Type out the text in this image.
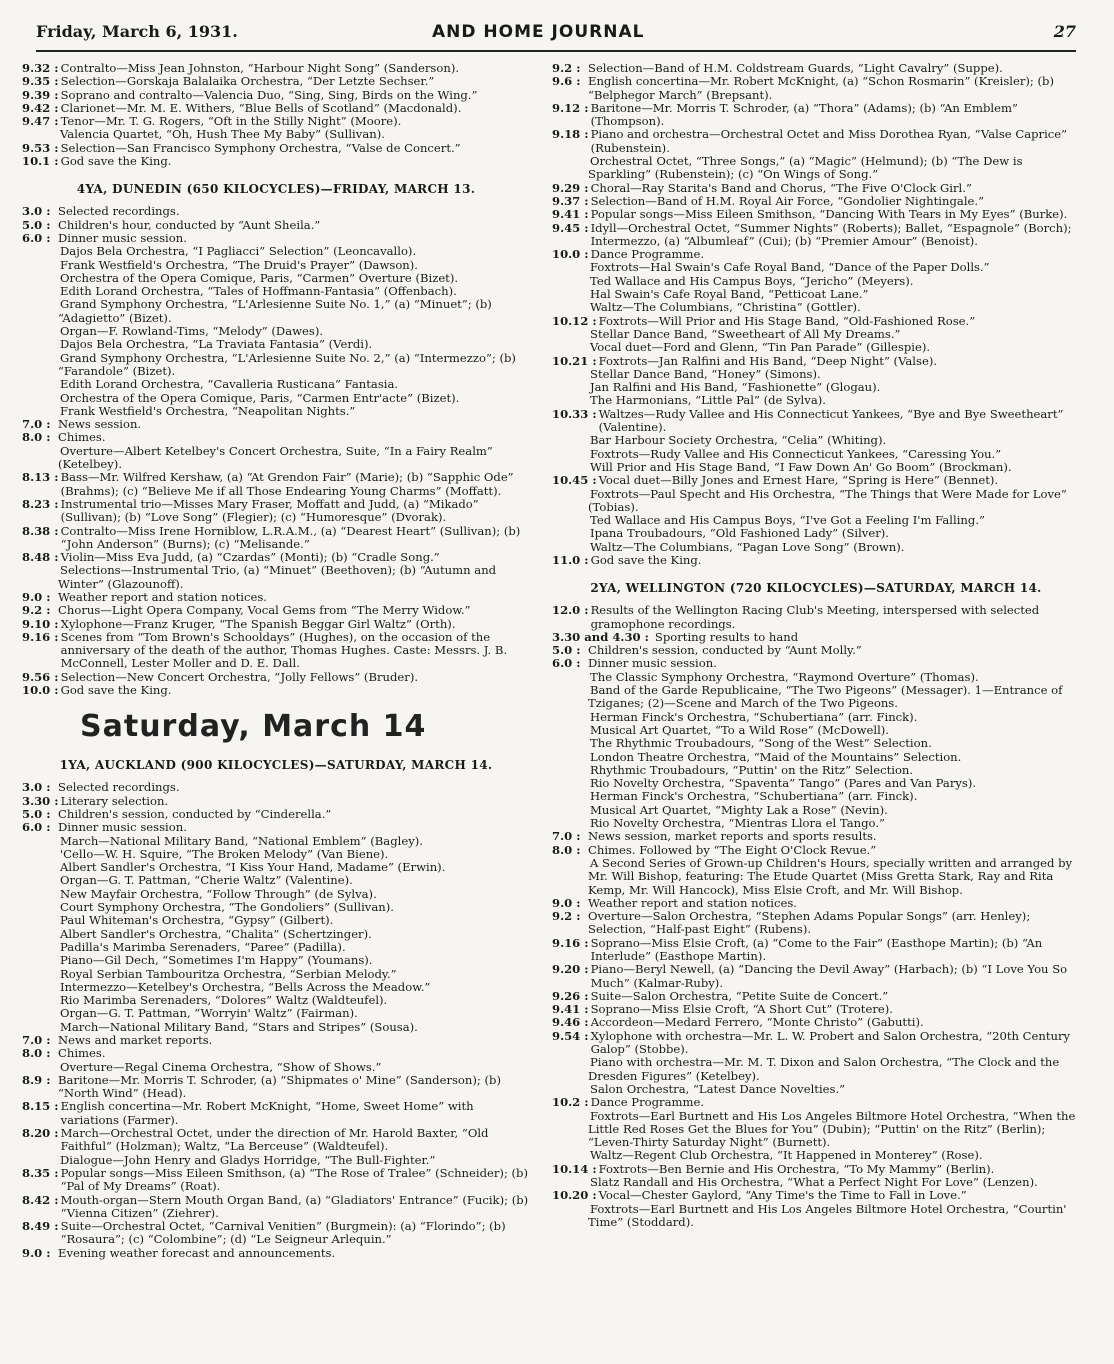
Friday, March 6, 1931.	AND HOME JOURNAL	27
9.32 : Contralto—Miss Jean Johnston, “Harbour Night Song” (Sanderson).
9.35 : Selection—Gorskaja Balalaika Orchestra, “Der Letzte Sechser.”
9.39 : Soprano and contralto—Valencia Duo, “Sing, Sing, Birds on the Wing.”
9.42 : Clarionet—Mr. M. E. Withers, “Blue Bells of Scotland” (Macdonald).
9.47 : Tenor—Mr. T. G. Rogers, “Oft in the Stilly Night” (Moore).
Valencia Quartet, “Oh, Hush Thee My Baby” (Sullivan).
9.53 : Selection—San Francisco Symphony Orchestra, “Valse de Concert.”
10.1 : God save the King.
4YA, DUNEDIN (650 KILOCYCLES)—FRIDAY, MARCH 13.
3.0 : Selected recordings.
5.0 : Children's hour, conducted by “Aunt Sheila.”
6.0 : Dinner music session.
Dajos Bela Orchestra, “I Pagliacci” Selection” (Leoncavallo).
Frank Westfield's Orchestra, “The Druid's Prayer” (Dawson).
Orchestra of the Opera Comique, Paris, “Carmen” Overture (Bizet).
Edith Lorand Orchestra, “Tales of Hoffmann-Fantasia” (Offenbach).
Grand Symphony Orchestra, “L'Arlesienne Suite No. 1,” (a) “Minuet”; (b) “Adagietto” (Bizet).
Organ—F. Rowland-Tims, “Melody” (Dawes).
Dajos Bela Orchestra, “La Traviata Fantasia” (Verdi).
Grand Symphony Orchestra, “L'Arlesienne Suite No. 2,” (a) “Intermezzo”; (b) “Farandole” (Bizet).
Edith Lorand Orchestra, “Cavalleria Rusticana” Fantasia.
Orchestra of the Opera Comique, Paris, “Carmen Entr'acte” (Bizet).
Frank Westfield's Orchestra, “Neapolitan Nights.”
7.0 : News session.
8.0 : Chimes.
Overture—Albert Ketelbey's Concert Orchestra, Suite, “In a Fairy Realm” (Ketelbey).
8.13 : Bass—Mr. Wilfred Kershaw, (a) “At Grendon Fair” (Marie); (b) “Sapphic Ode” (Brahms); (c) “Believe Me if all Those Endearing Young Charms” (Moffatt).
8.23 : Instrumental trio—Misses Mary Fraser, Moffatt and Judd, (a) “Mikado” (Sullivan); (b) “Love Song” (Flegier); (c) “Humoresque” (Dvorak).
8.38 : Contralto—Miss Irene Horniblow, L.R.A.M., (a) “Dearest Heart” (Sullivan); (b) “John Anderson” (Burns); (c) “Melisande.”
8.48 : Violin—Miss Eva Judd, (a) “Czardas” (Monti); (b) “Cradle Song.”
Selections—Instrumental Trio, (a) “Minuet” (Beethoven); (b) “Autumn and Winter” (Glazounoff).
9.0 : Weather report and station notices.
9.2 : Chorus—Light Opera Company, Vocal Gems from “The Merry Widow.”
9.10 : Xylophone—Franz Kruger, “The Spanish Beggar Girl Waltz” (Orth).
9.16 : Scenes from “Tom Brown's Schooldays” (Hughes), on the occasion of the anniversary of the death of the author, Thomas Hughes. Caste: Messrs. J. B. McConnell, Lester Moller and D. E. Dall.
9.56 : Selection—New Concert Orchestra, “Jolly Fellows” (Bruder).
10.0 : God save the King.
Saturday, March 14
1YA, AUCKLAND (900 KILOCYCLES)—SATURDAY, MARCH 14.
3.0 : Selected recordings.
3.30 : Literary selection.
5.0 : Children's session, conducted by “Cinderella.”
6.0 : Dinner music session.
March—National Military Band, “National Emblem” (Bagley).
'Cello—W. H. Squire, “The Broken Melody” (Van Biene).
Albert Sandler's Orchestra, “I Kiss Your Hand, Madame” (Erwin).
Organ—G. T. Pattman, “Cherie Waltz” (Valentine).
New Mayfair Orchestra, “Follow Through” (de Sylva).
Court Symphony Orchestra, “The Gondoliers” (Sullivan).
Paul Whiteman's Orchestra, “Gypsy” (Gilbert).
Albert Sandler's Orchestra, “Chalita” (Schertzinger).
Padilla's Marimba Serenaders, “Paree” (Padilla).
Piano—Gil Dech, “Sometimes I'm Happy” (Youmans).
Royal Serbian Tambouritza Orchestra, “Serbian Melody.”
Intermezzo—Ketelbey's Orchestra, “Bells Across the Meadow.”
Rio Marimba Serenaders, “Dolores” Waltz (Waldteufel).
Organ—G. T. Pattman, “Worryin' Waltz” (Fairman).
March—National Military Band, “Stars and Stripes” (Sousa).
7.0 : News and market reports.
8.0 : Chimes.
Overture—Regal Cinema Orchestra, “Show of Shows.”
8.9 : Baritone—Mr. Morris T. Schroder, (a) “Shipmates o' Mine” (Sanderson); (b) “North Wind” (Head).
8.15 : English concertina—Mr. Robert McKnight, “Home, Sweet Home” with variations (Farmer).
8.20 : March—Orchestral Octet, under the direction of Mr. Harold Baxter, “Old Faithful” (Holzman); Waltz, “La Berceuse” (Waldteufel).
Dialogue—John Henry and Gladys Horridge, “The Bull-Fighter.”
8.35 : Popular songs—Miss Eileen Smithson, (a) “The Rose of Tralee” (Schneider); (b) “Pal of My Dreams” (Roat).
8.42 : Mouth-organ—Stern Mouth Organ Band, (a) “Gladiators' Entrance” (Fucik); (b) “Vienna Citizen” (Ziehrer).
8.49 : Suite—Orchestral Octet, “Carnival Venitien” (Burgmein): (a) “Florindo”; (b) “Rosaura”; (c) “Colombine”; (d) “Le Seigneur Arlequin.”
9.0 : Evening weather forecast and announcements.
9.2 : Selection—Band of H.M. Coldstream Guards, “Light Cavalry” (Suppe).
9.6 : English concertina—Mr. Robert McKnight, (a) “Schon Rosmarin” (Kreisler); (b) “Belphegor March” (Brepsant).
9.12 : Baritone—Mr. Morris T. Schroder, (a) “Thora” (Adams); (b) “An Emblem” (Thompson).
9.18 : Piano and orchestra—Orchestral Octet and Miss Dorothea Ryan, “Valse Caprice” (Rubenstein).
Orchestral Octet, “Three Songs,” (a) “Magic” (Helmund); (b) “The Dew is Sparkling” (Rubenstein); (c) “On Wings of Song.”
9.29 : Choral—Ray Starita's Band and Chorus, “The Five O'Clock Girl.”
9.37 : Selection—Band of H.M. Royal Air Force, “Gondolier Nightingale.”
9.41 : Popular songs—Miss Eileen Smithson, “Dancing With Tears in My Eyes” (Burke).
9.45 : Idyll—Orchestral Octet, “Summer Nights” (Roberts); Ballet, “Espagnole” (Borch); Intermezzo, (a) “Albumleaf” (Cui); (b) “Premier Amour” (Benoist).
10.0 : Dance Programme.
Foxtrots—Hal Swain's Cafe Royal Band, “Dance of the Paper Dolls.”
Ted Wallace and His Campus Boys, “Jericho” (Meyers).
Hal Swain's Cafe Royal Band, “Petticoat Lane.”
Waltz—The Columbians, “Christina” (Gottler).
10.12 : Foxtrots—Will Prior and His Stage Band, “Old-Fashioned Rose.”
Stellar Dance Band, “Sweetheart of All My Dreams.”
Vocal duet—Ford and Glenn, “Tin Pan Parade” (Gillespie).
10.21 : Foxtrots—Jan Ralfini and His Band, “Deep Night” (Valse).
Stellar Dance Band, “Honey” (Simons).
Jan Ralfini and His Band, “Fashionette” (Glogau).
The Harmonians, “Little Pal” (de Sylva).
10.33 : Waltzes—Rudy Vallee and His Connecticut Yankees, “Bye and Bye Sweetheart” (Valentine).
Bar Harbour Society Orchestra, “Celia” (Whiting).
Foxtrots—Rudy Vallee and His Connecticut Yankees, “Caressing You.”
Will Prior and His Stage Band, “I Faw Down An' Go Boom” (Brockman).
10.45 : Vocal duet—Billy Jones and Ernest Hare, “Spring is Here” (Bennet).
Foxtrots—Paul Specht and His Orchestra, “The Things that Were Made for Love” (Tobias).
Ted Wallace and His Campus Boys, “I've Got a Feeling I'm Falling.”
Ipana Troubadours, “Old Fashioned Lady” (Silver).
Waltz—The Columbians, “Pagan Love Song” (Brown).
11.0 : God save the King.
2YA, WELLINGTON (720 KILOCYCLES)—SATURDAY, MARCH 14.
12.0 : Results of the Wellington Racing Club's Meeting, interspersed with selected gramophone recordings.
3.30 and 4.30 : Sporting results to hand
5.0 : Children's session, conducted by “Aunt Molly.”
6.0 : Dinner music session.
The Classic Symphony Orchestra, “Raymond Overture” (Thomas).
Band of the Garde Republicaine, “The Two Pigeons” (Messager). 1—Entrance of Tziganes; (2)—Scene and March of the Two Pigeons.
Herman Finck's Orchestra, “Schubertiana” (arr. Finck).
Musical Art Quartet, “To a Wild Rose” (McDowell).
The Rhythmic Troubadours, “Song of the West” Selection.
London Theatre Orchestra, “Maid of the Mountains” Selection.
Rhythmic Troubadours, “Puttin' on the Ritz” Selection.
Rio Novelty Orchestra, “Spaventa” Tango” (Pares and Van Parys).
Herman Finck's Orchestra, “Schubertiana” (arr. Finck).
Musical Art Quartet, “Mighty Lak a Rose” (Nevin).
Rio Novelty Orchestra, “Mientras Llora el Tango.”
7.0 : News session, market reports and sports results.
8.0 : Chimes. Followed by “The Eight O'Clock Revue.”
A Second Series of Grown-up Children's Hours, specially written and arranged by Mr. Will Bishop, featuring: The Etude Quartet (Miss Gretta Stark, Ray and Rita Kemp, Mr. Will Hancock), Miss Elsie Croft, and Mr. Will Bishop.
9.0 : Weather report and station notices.
9.2 : Overture—Salon Orchestra, “Stephen Adams Popular Songs” (arr. Henley); Selection, “Half-past Eight” (Rubens).
9.16 : Soprano—Miss Elsie Croft, (a) “Come to the Fair” (Easthope Martin); (b) “An Interlude” (Easthope Martin).
9.20 : Piano—Beryl Newell, (a) “Dancing the Devil Away” (Harbach); (b) “I Love You So Much” (Kalmar-Ruby).
9.26 : Suite—Salon Orchestra, “Petite Suite de Concert.”
9.41 : Soprano—Miss Elsie Croft, “A Short Cut” (Trotere).
9.46 : Accordeon—Medard Ferrero, “Monte Christo” (Gabutti).
9.54 : Xylophone with orchestra—Mr. L. W. Probert and Salon Orchestra, “20th Century Galop” (Stobbe).
Piano with orchestra—Mr. M. T. Dixon and Salon Orchestra, “The Clock and the Dresden Figures” (Ketelbey).
Salon Orchestra, “Latest Dance Novelties.”
10.2 : Dance Programme.
Foxtrots—Earl Burtnett and His Los Angeles Biltmore Hotel Orchestra, “When the Little Red Roses Get the Blues for You” (Dubin); “Puttin' on the Ritz” (Berlin); “Leven-Thirty Saturday Night” (Burnett).
Waltz—Regent Club Orchestra, “It Happened in Monterey” (Rose).
10.14 : Foxtrots—Ben Bernie and His Orchestra, “To My Mammy” (Berlin).
Slatz Randall and His Orchestra, “What a Perfect Night For Love” (Lenzen).
10.20 : Vocal—Chester Gaylord, “Any Time's the Time to Fall in Love.”
Foxtrots—Earl Burtnett and His Los Angeles Biltmore Hotel Orchestra, “Courtin' Time” (Stoddard).
